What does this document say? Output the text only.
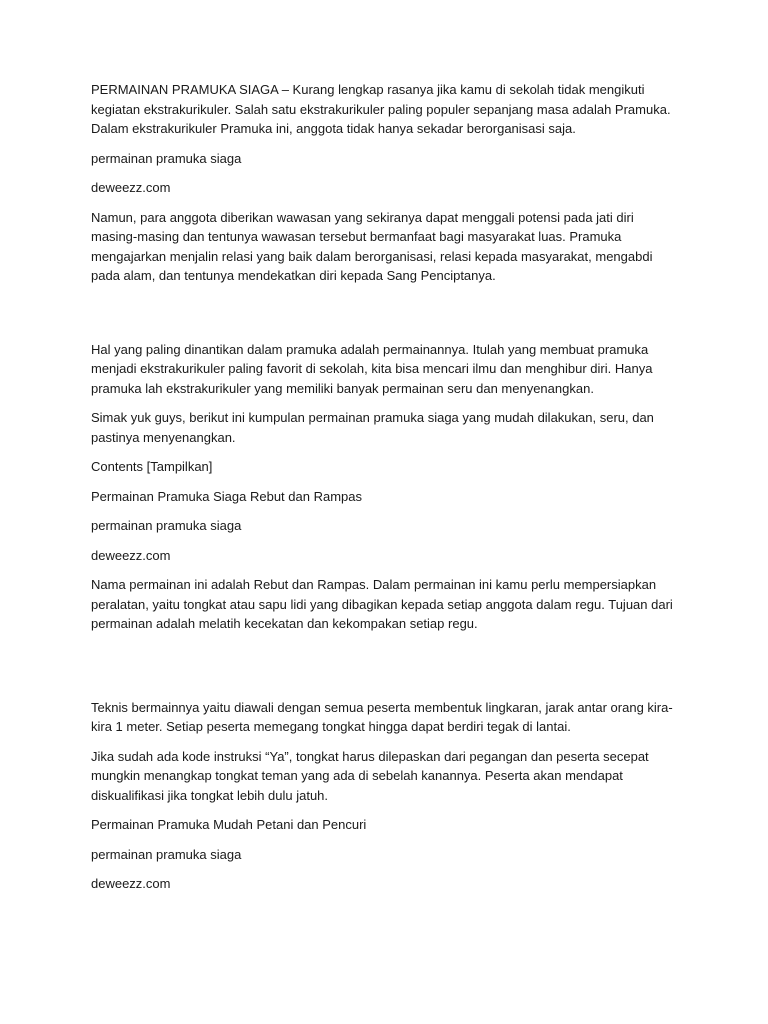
PERMAINAN PRAMUKA SIAGA – Kurang lengkap rasanya jika kamu di sekolah tidak mengikuti kegiatan ekstrakurikuler. Salah satu ekstrakurikuler paling populer sepanjang masa adalah Pramuka. Dalam ekstrakurikuler Pramuka ini, anggota tidak hanya sekadar berorganisasi saja.

permainan pramuka siaga

deweezz.com

Namun, para anggota diberikan wawasan yang sekiranya dapat menggali potensi pada jati diri masing-masing dan tentunya wawasan tersebut bermanfaat bagi masyarakat luas. Pramuka mengajarkan menjalin relasi yang baik dalam berorganisasi, relasi kepada masyarakat, mengabdi pada alam, dan tentunya mendekatkan diri kepada Sang Penciptanya.

Hal yang paling dinantikan dalam pramuka adalah permainannya. Itulah yang membuat pramuka menjadi ekstrakurikuler paling favorit di sekolah, kita bisa mencari ilmu dan menghibur diri. Hanya pramuka lah ekstrakurikuler yang memiliki banyak permainan seru dan menyenangkan.

Simak yuk guys, berikut ini kumpulan permainan pramuka siaga yang mudah dilakukan, seru, dan pastinya menyenangkan.

Contents [Tampilkan]

Permainan Pramuka Siaga Rebut dan Rampas

permainan pramuka siaga

deweezz.com

Nama permainan ini adalah Rebut dan Rampas. Dalam permainan ini kamu perlu mempersiapkan peralatan, yaitu tongkat atau sapu lidi yang dibagikan kepada setiap anggota dalam regu. Tujuan dari permainan adalah melatih kecekatan dan kekompakan setiap regu.

Teknis bermainnya yaitu diawali dengan semua peserta membentuk lingkaran, jarak antar orang kira-kira 1 meter. Setiap peserta memegang tongkat hingga dapat berdiri tegak di lantai.

Jika sudah ada kode instruksi “Ya”, tongkat harus dilepaskan dari pegangan dan peserta secepat mungkin menangkap tongkat teman yang ada di sebelah kanannya. Peserta akan mendapat diskualifikasi jika tongkat lebih dulu jatuh.

Permainan Pramuka Mudah Petani dan Pencuri

permainan pramuka siaga

deweezz.com
